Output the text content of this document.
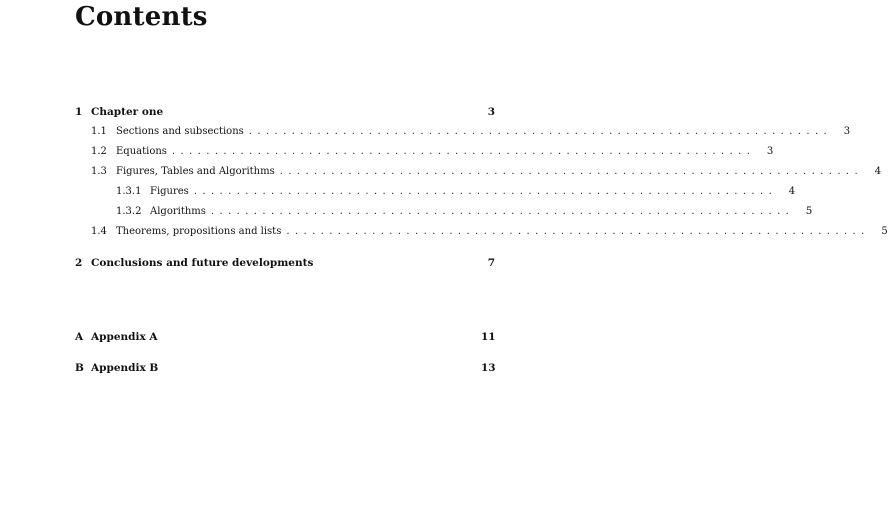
Contents
1 Chapter one	3
1.1 Sections and subsections ....................................................................	3
1.2 Equations ....................................................................	3
1.3 Figures, Tables and Algorithms ....................................................................	4
1.3.1 Figures ....................................................................	4
1.3.2 Algorithms ....................................................................	5
1.4 Theorems, propositions and lists ....................................................................	5
2 Conclusions and future developments	7
A Appendix A	11
B Appendix B	13
